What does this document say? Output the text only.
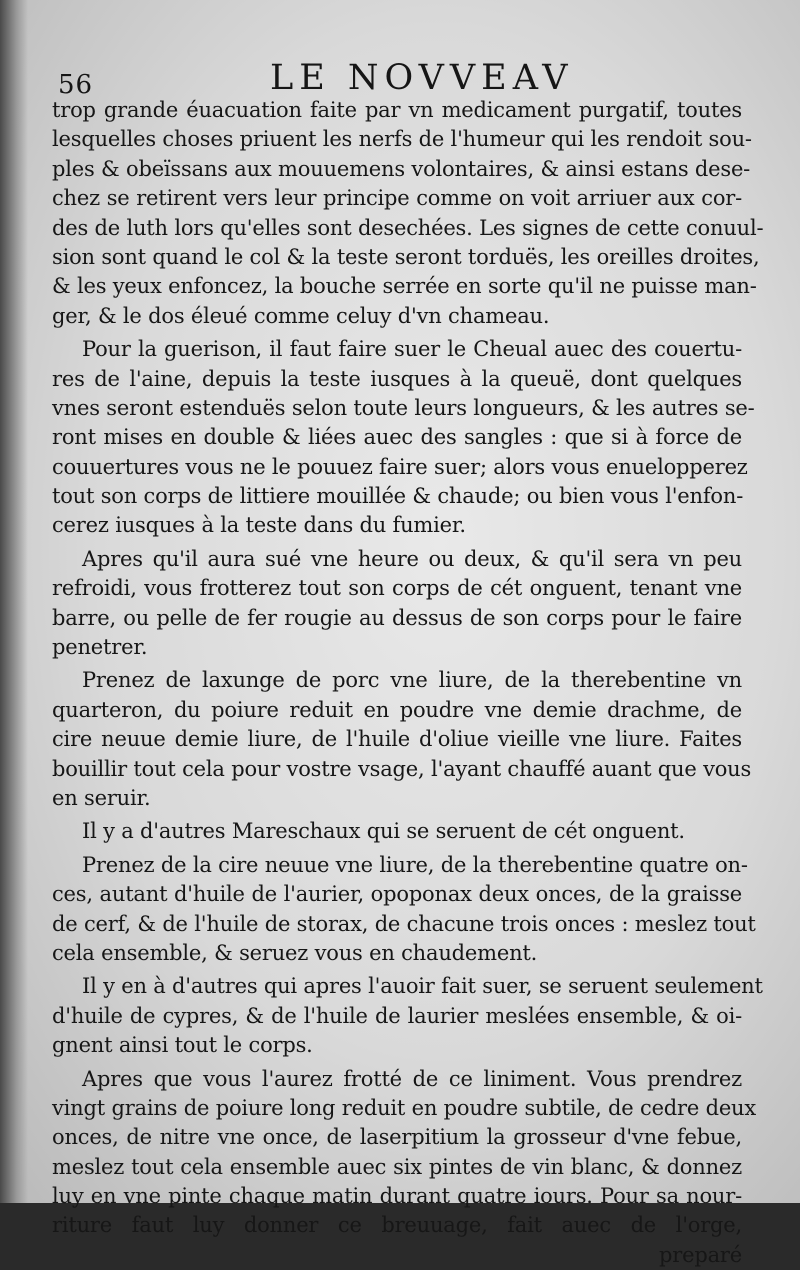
56	LE NOVVEAV
trop grande éuacuation faite par vn medicament purgatif, toutes
lesquelles choses priuent les nerfs de l'humeur qui les rendoit sou-
ples & obeïssans aux mouuemens volontaires, & ainsi estans dese-
chez se retirent vers leur principe comme on voit arriuer aux cor-
des de luth lors qu'elles sont desechées. Les signes de cette conuul-
sion sont quand le col & la teste seront torduës, les oreilles droites,
& les yeux enfoncez, la bouche serrée en sorte qu'il ne puisse man-
ger, & le dos éleué comme celuy d'vn chameau.
Pour la guerison, il faut faire suer le Cheual auec des couertu-
res de l'aine, depuis la teste iusques à la queuë, dont quelques
vnes seront estenduës selon toute leurs longueurs, & les autres se-
ront mises en double & liées auec des sangles : que si à force de
couuertures vous ne le pouuez faire suer; alors vous enuelopperez
tout son corps de littiere mouillée & chaude; ou bien vous l'enfon-
cerez iusques à la teste dans du fumier.
Apres qu'il aura sué vne heure ou deux, & qu'il sera vn peu
refroidi, vous frotterez tout son corps de cét onguent, tenant vne
barre, ou pelle de fer rougie au dessus de son corps pour le faire
penetrer.
Prenez de laxunge de porc vne liure, de la therebentine vn
quarteron, du poiure reduit en poudre vne demie drachme, de
cire neuue demie liure, de l'huile d'oliue vieille vne liure. Faites
bouillir tout cela pour vostre vsage, l'ayant chauffé auant que vous
en seruir.
Il y a d'autres Mareschaux qui se seruent de cét onguent.
Prenez de la cire neuue vne liure, de la therebentine quatre on-
ces, autant d'huile de l'aurier, opoponax deux onces, de la graisse
de cerf, & de l'huile de storax, de chacune trois onces : meslez tout
cela ensemble, & seruez vous en chaudement.
Il y en à d'autres qui apres l'auoir fait suer, se seruent seulement
d'huile de cypres, & de l'huile de laurier meslées ensemble, & oi-
gnent ainsi tout le corps.
Apres que vous l'aurez frotté de ce liniment. Vous prendrez
vingt grains de poiure long reduit en poudre subtile, de cedre deux
onces, de nitre vne once, de laserpitium la grosseur d'vne febue,
meslez tout cela ensemble auec six pintes de vin blanc, & donnez
luy en vne pinte chaque matin durant quatre iours. Pour sa nour-
riture faut luy donner ce breuuage, fait auec de l'orge,
preparé
